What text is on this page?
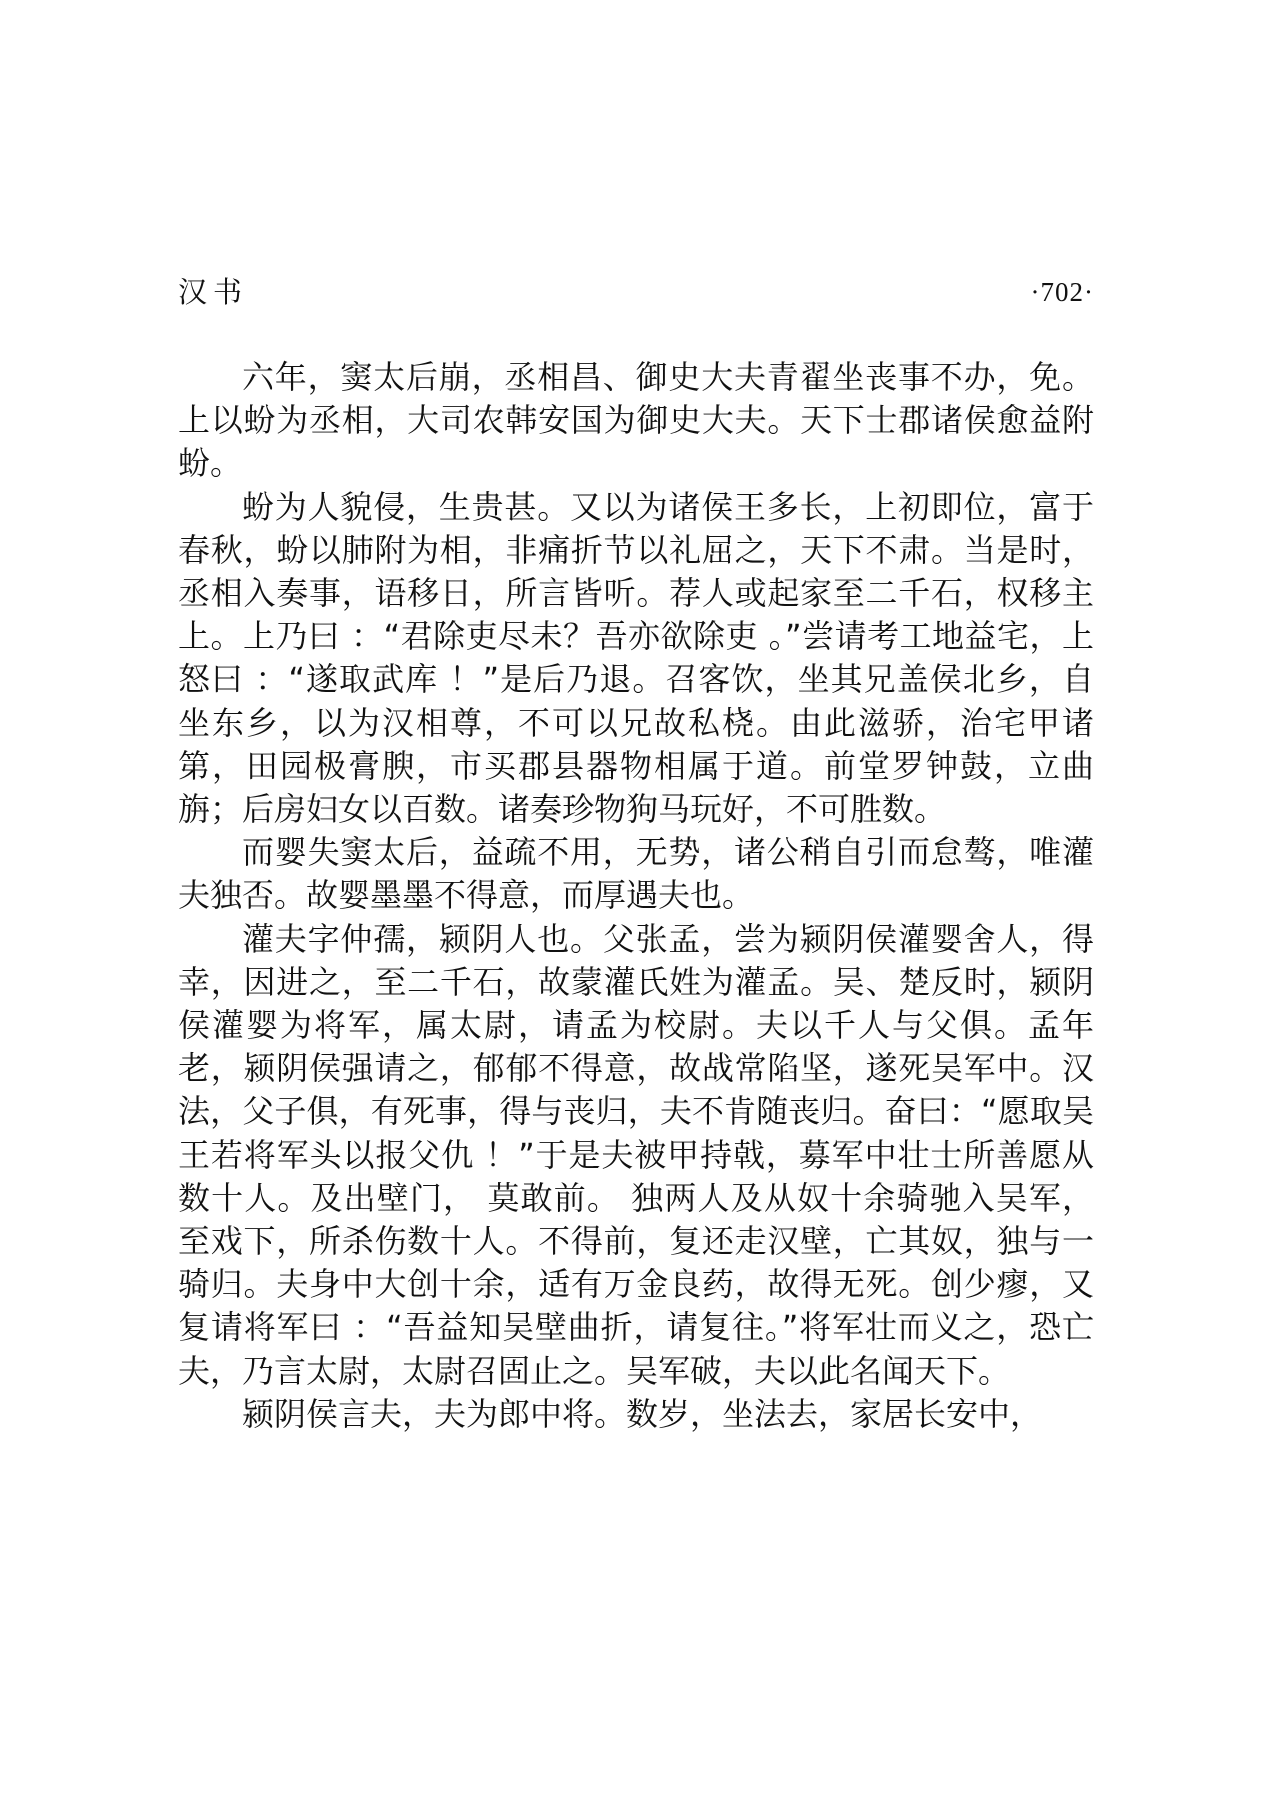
汉书	·702·

六年，窦太后崩，丞相昌、御史大夫青翟坐丧事不办，免。上以蚡为丞相，大司农韩安国为御史大夫。天下士郡诸侯愈益附蚡。

蚡为人貌侵，生贵甚。又以为诸侯王多长，上初即位，富于春秋，蚡以肺附为相，非痛折节以礼屈之，天下不肃。当是时，丞相入奏事，语移日，所言皆听。荐人或起家至二千石，权移主上。上乃曰 ：“君除吏尽未？吾亦欲除吏 。”尝请考工地益宅，上怒曰 ：“遂取武库 ！”是后乃退。召客饮，坐其兄盖侯北乡，自坐东乡，以为汉相尊，不可以兄故私桡。由此滋骄，治宅甲诸第，田园极膏腴，市买郡县器物相属于道。前堂罗钟鼓，立曲旃；后房妇女以百数。诸奏珍物狗马玩好，不可胜数。

而婴失窦太后，益疏不用，无势，诸公稍自引而怠骜，唯灌夫独否。故婴墨墨不得意，而厚遇夫也。

灌夫字仲孺，颍阴人也。父张孟，尝为颍阴侯灌婴舍人，得幸，因进之，至二千石，故蒙灌氏姓为灌孟。吴、楚反时，颍阴侯灌婴为将军，属太尉，请孟为校尉。夫以千人与父俱。孟年老，颍阴侯强请之，郁郁不得意，故战常陷坚，遂死吴军中。汉法，父子俱，有死事，得与丧归，夫不肯随丧归。奋曰：“愿取吴王若将军头以报父仇 ！”于是夫被甲持戟，募军中壮士所善愿从数十人。及出壁门， 莫敢前。 独两人及从奴十余骑驰入吴军，至戏下，所杀伤数十人。不得前，复还走汉壁，亡其奴，独与一骑归。夫身中大创十余，适有万金良药，故得无死。创少瘳，又复请将军曰 ：“吾益知吴壁曲折，请复往。”将军壮而义之，恐亡夫，乃言太尉，太尉召固止之。吴军破，夫以此名闻天下。

颍阴侯言夫，夫为郎中将。数岁，坐法去，家居长安中，
